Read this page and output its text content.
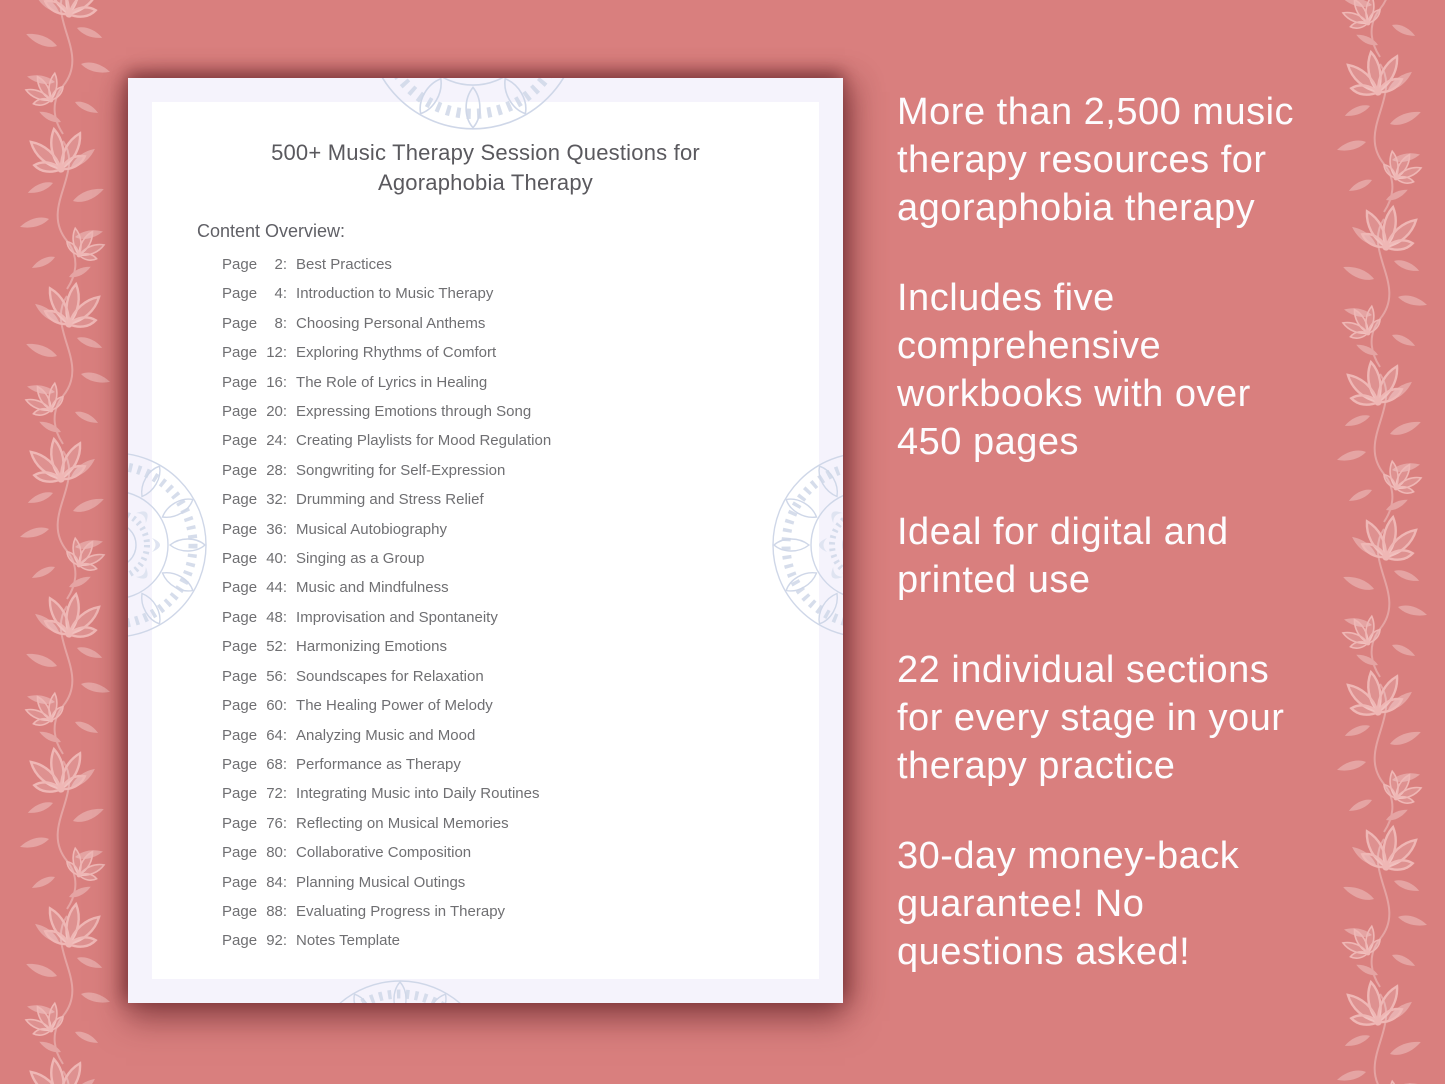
500+ Music Therapy Session Questions for
Agoraphobia Therapy
Content Overview:
Page 2: Best Practices
Page 4: Introduction to Music Therapy
Page 8: Choosing Personal Anthems
Page 12: Exploring Rhythms of Comfort
Page 16: The Role of Lyrics in Healing
Page 20: Expressing Emotions through Song
Page 24: Creating Playlists for Mood Regulation
Page 28: Songwriting for Self-Expression
Page 32: Drumming and Stress Relief
Page 36: Musical Autobiography
Page 40: Singing as a Group
Page 44: Music and Mindfulness
Page 48: Improvisation and Spontaneity
Page 52: Harmonizing Emotions
Page 56: Soundscapes for Relaxation
Page 60: The Healing Power of Melody
Page 64: Analyzing Music and Mood
Page 68: Performance as Therapy
Page 72: Integrating Music into Daily Routines
Page 76: Reflecting on Musical Memories
Page 80: Collaborative Composition
Page 84: Planning Musical Outings
Page 88: Evaluating Progress in Therapy
Page 92: Notes Template
More than 2,500 music
therapy resources for
agoraphobia therapy
Includes five
comprehensive
workbooks with over
450 pages
Ideal for digital and
printed use
22 individual sections
for every stage in your
therapy practice
30-day money-back
guarantee! No
questions asked!
